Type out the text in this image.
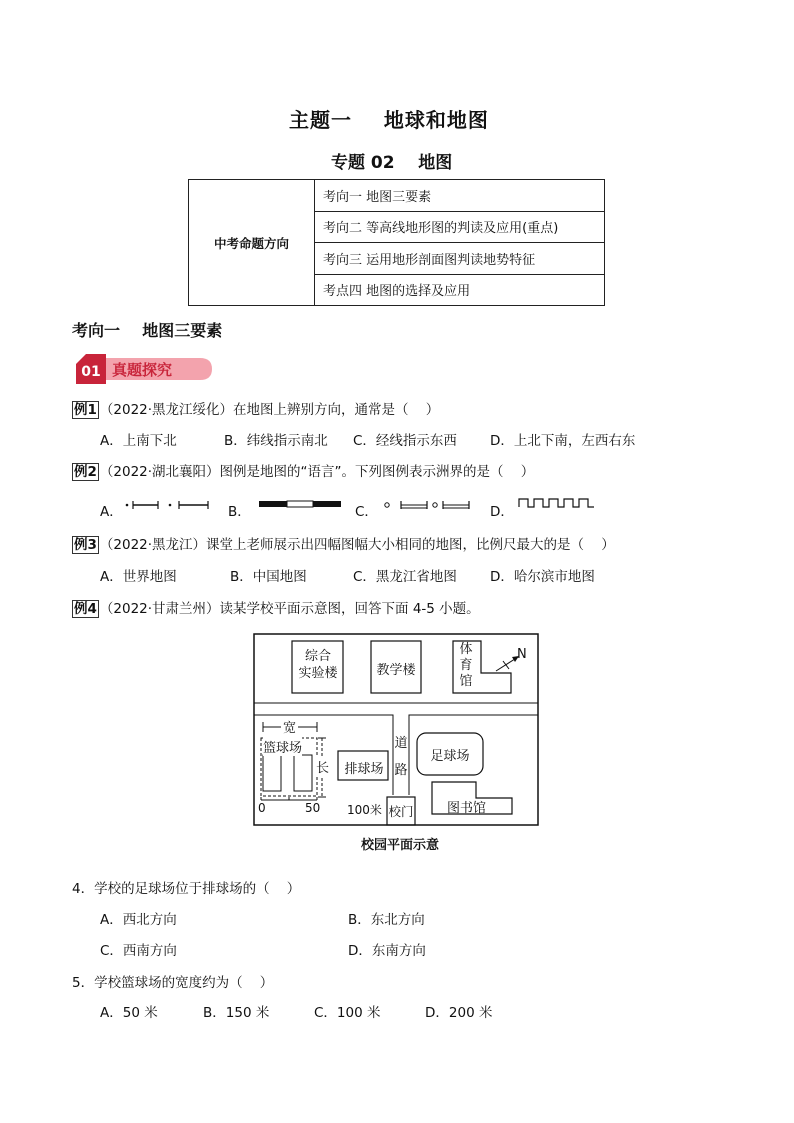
主题一    地球和地图
专题 02    地图
中考命题方向	考向一 地图三要素
考向二 等高线地形图的判读及应用(重点)
考向三 运用地形剖面图判读地势特征
考点四 地图的选择及应用
考向一    地图三要素
01 真题探究
例1 （2022·黑龙江绥化）在地图上辨别方向，通常是（    ）
A．上南下北	B．纬线指示南北 C．经线指示东西 D．上北下南，左西右东
例2 （2022·湖北襄阳）图例是地图的“语言”。下列图例表示洲界的是（    ）
A．	B．	C．	D．
例3 （2022·黑龙江）课堂上老师展示出四幅图幅大小相同的地图，比例尺最大的是（    ）
A．世界地图	B．中国地图	C．黑龙江省地图 D．哈尔滨市地图
例4 （2022·甘肃兰州）读某学校平面示意图，回答下面 4-5 小题。
综合
实验楼	教学楼
体
育
馆
N
宽
篮球场
长	排球场
道
路
足球场
图书馆
校门
0	50 100米
校园平面示意
4．学校的足球场位于排球场的（    ）
A．西北方向	B．东北方向
C．西南方向	D．东南方向
5．学校篮球场的宽度约为（    ）
A．50 米	B．150 米	C．100 米	D．200 米
